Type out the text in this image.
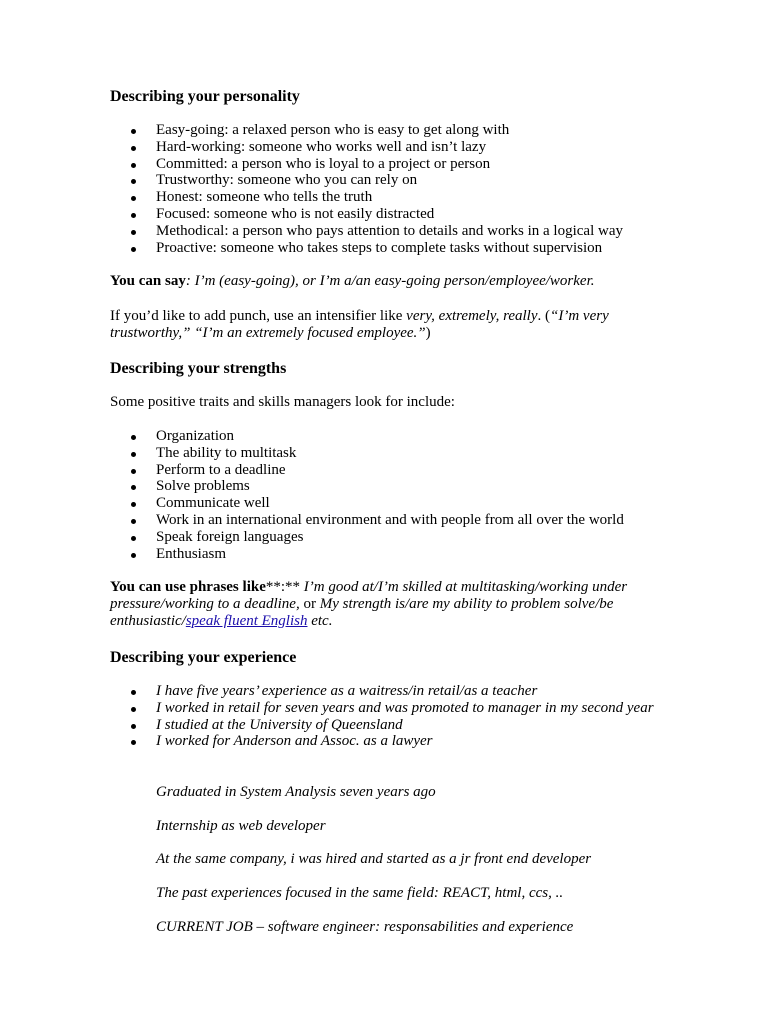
Describing your personality
Easy-going: a relaxed person who is easy to get along with
Hard-working: someone who works well and isn’t lazy
Committed: a person who is loyal to a project or person
Trustworthy: someone who you can rely on
Honest: someone who tells the truth
Focused: someone who is not easily distracted
Methodical: a person who pays attention to details and works in a logical way
Proactive: someone who takes steps to complete tasks without supervision
You can say: I’m (easy-going), or I’m a/an easy-going person/employee/worker.
If you’d like to add punch, use an intensifier like very, extremely, really. (“I’m very trustworthy,” “I’m an extremely focused employee.”)
Describing your strengths
Some positive traits and skills managers look for include:
Organization
The ability to multitask
Perform to a deadline
Solve problems
Communicate well
Work in an international environment and with people from all over the world
Speak foreign languages
Enthusiasm
You can use phrases like**:** I’m good at/I’m skilled at multitasking/working under pressure/working to a deadline, or My strength is/are my ability to problem solve/be enthusiastic/speak fluent English etc.
Describing your experience
I have five years’ experience as a waitress/in retail/as a teacher
I worked in retail for seven years and was promoted to manager in my second year
I studied at the University of Queensland
I worked for Anderson and Assoc. as a lawyer
Graduated in System Analysis seven years ago
Internship as web developer
At the same company, i was hired and started as a jr front end developer
The past experiences focused in the same field: REACT, html, ccs, ..
CURRENT JOB – software engineer: responsabilities and experience
